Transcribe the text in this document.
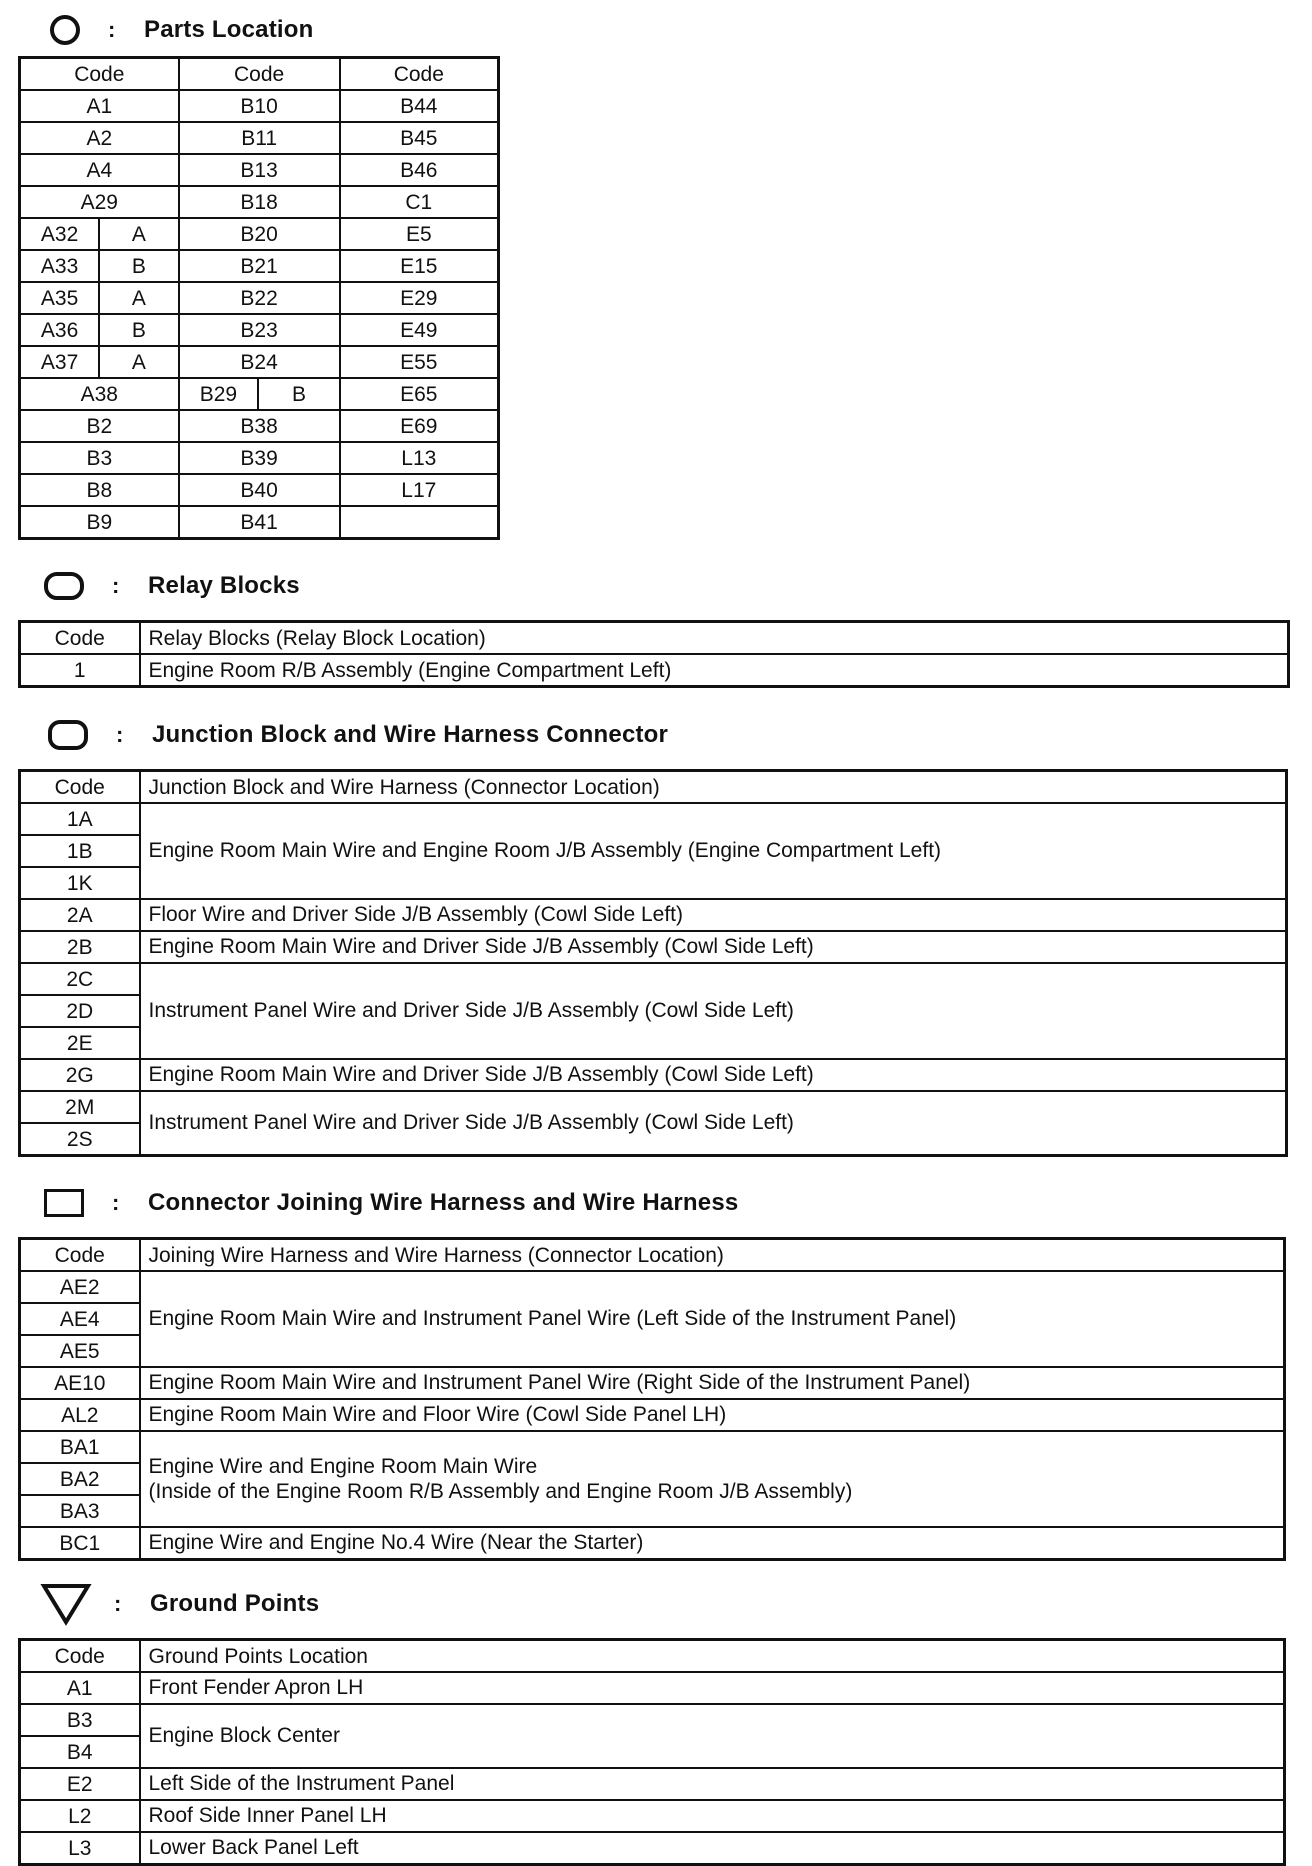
:	Parts Location
Code		Code		Code
A1		B10		B44
A2		B11		B45
A4		B13		B46
A29		B18		C1
A32	A	B20		E5
A33	B	B21		E15
A35	A	B22		E29
A36	B	B23		E49
A37	A	B24		E55
A38		B29	B	E65
B2		B38		E69
B3		B39		L13
B8		B40		L17
B9		B41		
:	Relay Blocks
Code	Relay Blocks (Relay Block Location)
1	Engine Room R/B Assembly (Engine Compartment Left)
:	Junction Block and Wire Harness Connector
Code	Junction Block and Wire Harness (Connector Location)
1A	Engine Room Main Wire and Engine Room J/B Assembly (Engine Compartment Left)
1B	
1K	
2A	Floor Wire and Driver Side J/B Assembly (Cowl Side Left)
2B	Engine Room Main Wire and Driver Side J/B Assembly (Cowl Side Left)
2C	Instrument Panel Wire and Driver Side J/B Assembly (Cowl Side Left)
2D	
2E	
2G	Engine Room Main Wire and Driver Side J/B Assembly (Cowl Side Left)
2M	Instrument Panel Wire and Driver Side J/B Assembly (Cowl Side Left)
2S	
:	Connector Joining Wire Harness and Wire Harness
Code	Joining Wire Harness and Wire Harness (Connector Location)
AE2	Engine Room Main Wire and Instrument Panel Wire (Left Side of the Instrument Panel)
AE4	
AE5	
AE10	Engine Room Main Wire and Instrument Panel Wire (Right Side of the Instrument Panel)
AL2	Engine Room Main Wire and Floor Wire (Cowl Side Panel LH)
BA1	Engine Wire and Engine Room Main Wire
(Inside of the Engine Room R/B Assembly and Engine Room J/B Assembly)
BA2	
BA3	
BC1	Engine Wire and Engine No.4 Wire (Near the Starter)
:	Ground Points
Code	Ground Points Location
A1	Front Fender Apron LH
B3	Engine Block Center
B4	
E2	Left Side of the Instrument Panel
L2	Roof Side Inner Panel LH
L3	Lower Back Panel Left
